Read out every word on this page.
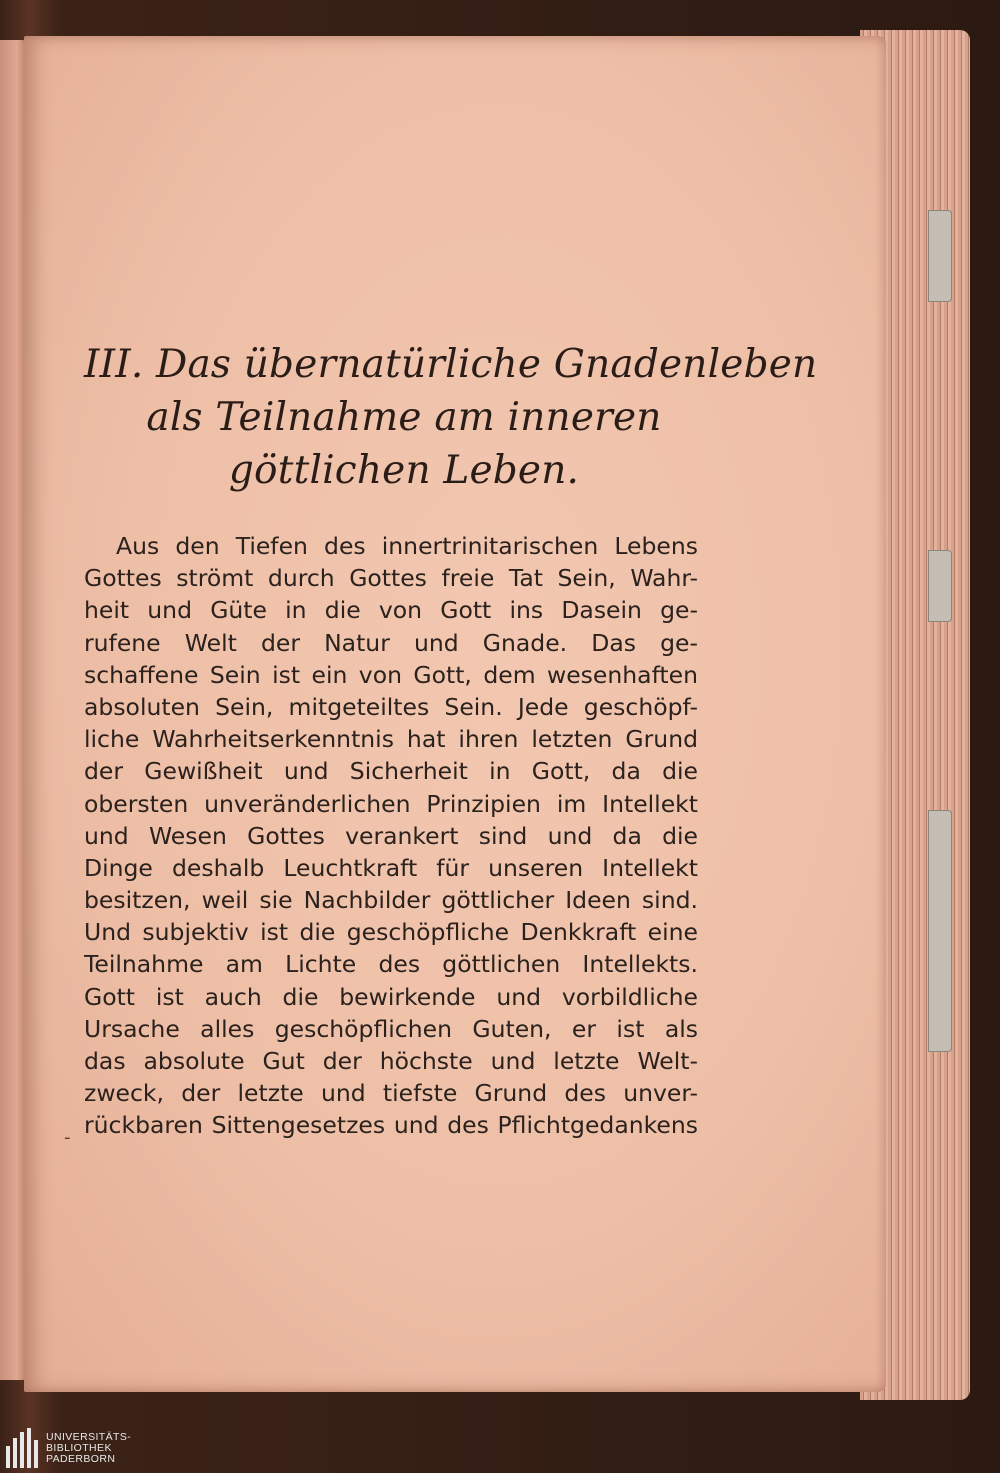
III. Das übernatürliche Gnadenleben
als Teilnahme am inneren
göttlichen Leben.
Aus den Tiefen des innertrinitarischen Lebens
Gottes strömt durch Gottes freie Tat Sein, Wahr-
heit und Güte in die von Gott ins Dasein ge-
rufene Welt der Natur und Gnade. Das ge-
schaffene Sein ist ein von Gott, dem wesenhaften
absoluten Sein, mitgeteiltes Sein. Jede geschöpf-
liche Wahrheitserkenntnis hat ihren letzten Grund
der Gewißheit und Sicherheit in Gott, da die
obersten unveränderlichen Prinzipien im Intellekt
und Wesen Gottes verankert sind und da die
Dinge deshalb Leuchtkraft für unseren Intellekt
besitzen, weil sie Nachbilder göttlicher Ideen sind.
Und subjektiv ist die geschöpfliche Denkkraft eine
Teilnahme am Lichte des göttlichen Intellekts.
Gott ist auch die bewirkende und vorbildliche
Ursache alles geschöpflichen Guten, er ist als
das absolute Gut der höchste und letzte Welt-
zweck, der letzte und tiefste Grund des unver-
rückbaren Sittengesetzes und des Pflichtgedankens
-
UNIVERSITÄTS-
BIBLIOTHEK
PADERBORN
